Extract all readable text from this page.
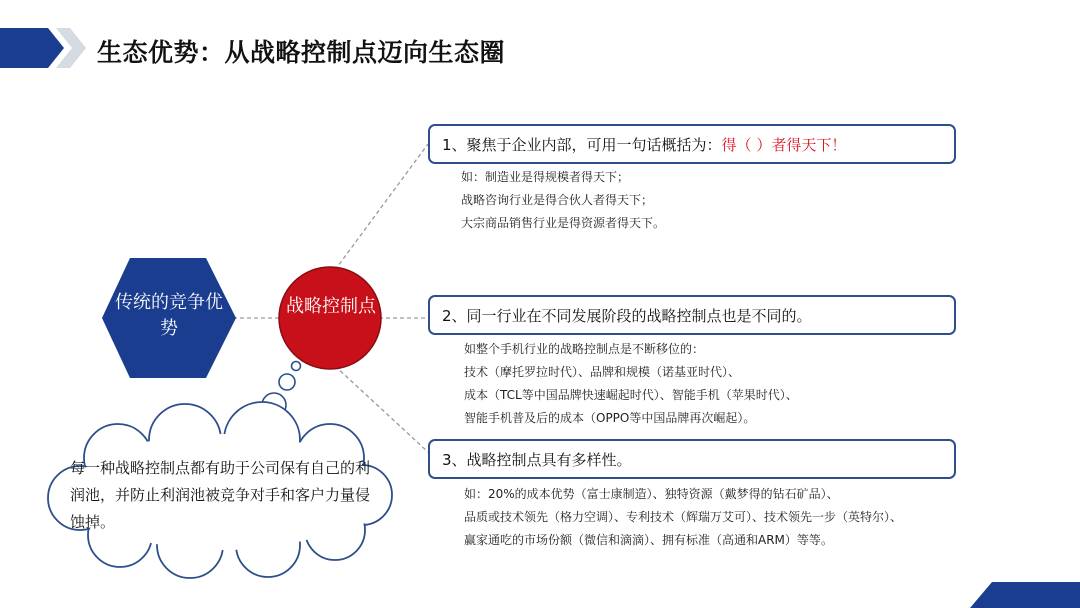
生态优势：从战略控制点迈向生态圈
传统的竞争优势
战略控制点
1、聚焦于企业内部，可用一句话概括为： 得（ ）者得天下！
如：制造业是得规模者得天下；
战略咨询行业是得合伙人者得天下；
大宗商品销售行业是得资源者得天下。
2、同一行业在不同发展阶段的战略控制点也是不同的。
如整个手机行业的战略控制点是不断移位的：
技术（摩托罗拉时代）、品牌和规模（诺基亚时代）、
成本（TCL等中国品牌快速崛起时代）、智能手机（苹果时代）、
智能手机普及后的成本（OPPO等中国品牌再次崛起）。
3、战略控制点具有多样性。
如：20%的成本优势（富士康制造）、独特资源（戴梦得的钻石矿品）、
品质或技术领先（格力空调）、专利技术（辉瑞万艾可）、技术领先一步（英特尔）、
赢家通吃的市场份额（微信和滴滴）、拥有标准（高通和ARM）等等。
每一种战略控制点都有助于公司保有自己的利润池，并防止利润池被竞争对手和客户力量侵蚀掉。
